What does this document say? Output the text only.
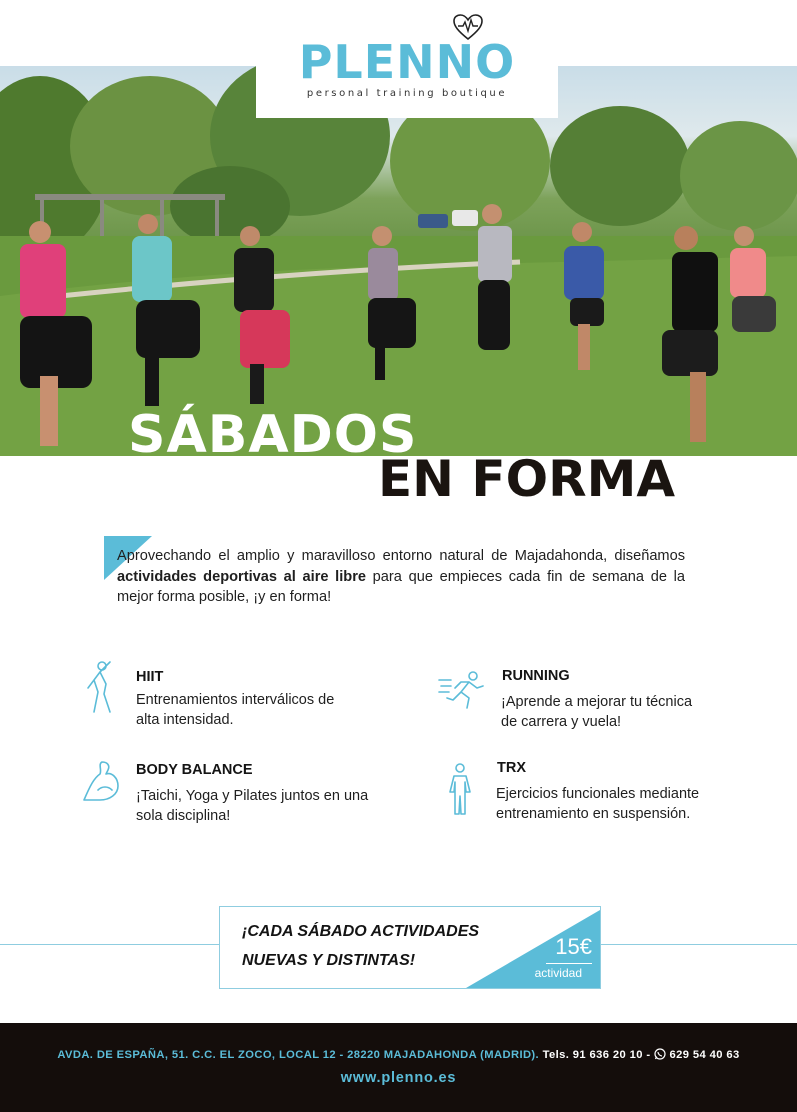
PLENNO
personal training boutique
SÁBADOS
EN FORMA

Aprovechando el amplio y maravilloso entorno natural de Majadahonda, diseñamos actividades deportivas al aire libre para que empieces cada fin de semana de la mejor forma posible, ¡y en forma!

HIIT
Entrenamientos interválicos de
alta intensidad.
RUNNING
¡Aprende a mejorar tu técnica
de carrera y vuela!
BODY BALANCE
¡Taichi, Yoga y Pilates juntos en una
sola disciplina!
TRX
Ejercicios funcionales mediante
entrenamiento en suspensión.
¡CADA SÁBADO ACTIVIDADES
NUEVAS Y DISTINTAS!
15€
actividad
AVDA. DE ESPAÑA, 51. C.C. EL ZOCO, LOCAL 12 - 28220 MAJADAHONDA (MADRID). Tels. 91 636 20 10 - 629 54 40 63
www.plenno.es
